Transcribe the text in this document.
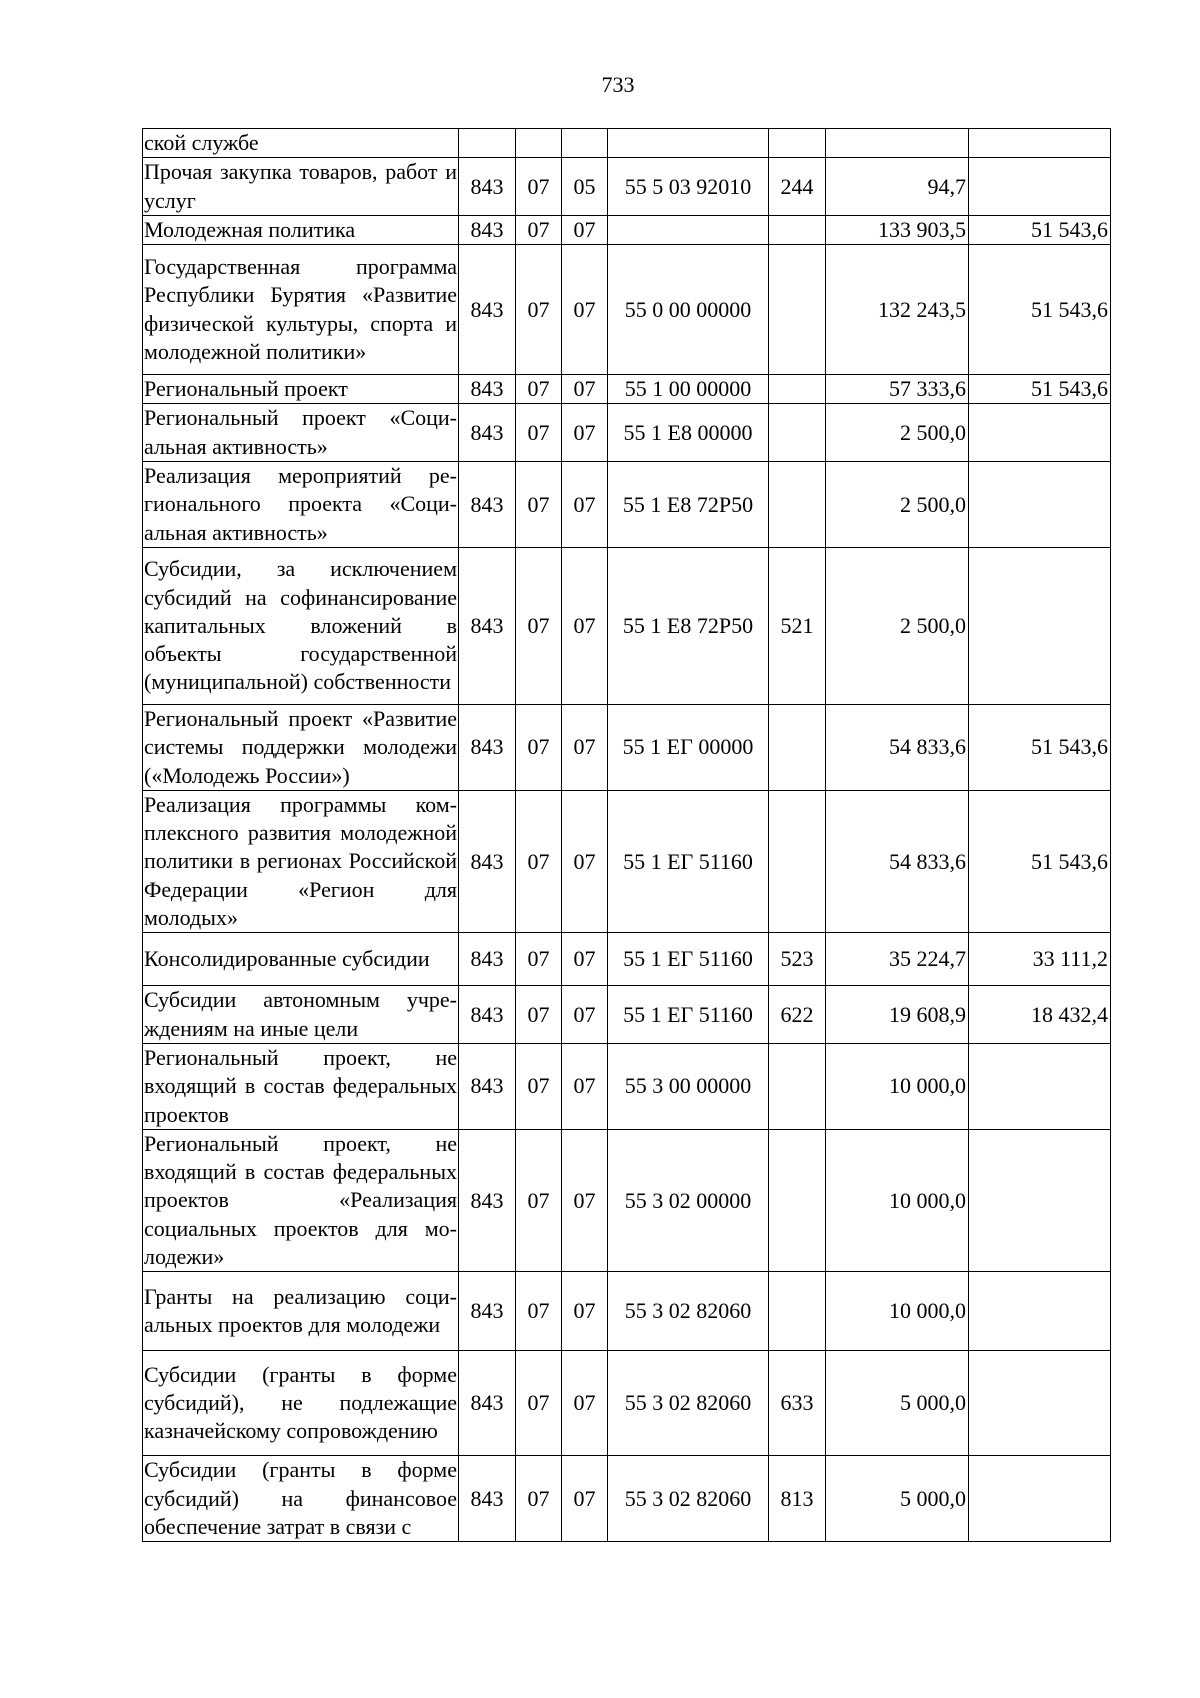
733
ской службе							
Прочая закупка товаров, работ и услуг	843	07	05	55 5 03 92010	244	94,7	
Молодежная политика	843	07	07			133 903,5	51 543,6
Государственная программа Республики Бурятия «Развитие физической культуры, спорта и молодежной политики»	843	07	07	55 0 00 00000		132 243,5	51 543,6
Региональный проект	843	07	07	55 1 00 00000		57 333,6	51 543,6
Региональный проект «Социальная активность»	843	07	07	55 1 E8 00000		2 500,0	
Реализация мероприятий регионального проекта «Социальная активность»	843	07	07	55 1 E8 72P50		2 500,0	
Субсидии, за исключением субсидий на софинансирование капитальных вложений в объекты государственной (муниципальной) собственности	843	07	07	55 1 E8 72P50	521	2 500,0	
Региональный проект «Развитие системы поддержки молодежи («Молодежь России»)	843	07	07	55 1 ЕГ 00000		54 833,6	51 543,6
Реализация программы комплексного развития молодежной политики в регионах Российской Федерации «Регион для молодых»	843	07	07	55 1 ЕГ 51160		54 833,6	51 543,6
Консолидированные субсидии	843	07	07	55 1 ЕГ 51160	523	35 224,7	33 111,2
Субсидии автономным учреждениям на иные цели	843	07	07	55 1 ЕГ 51160	622	19 608,9	18 432,4
Региональный проект, не входящий в состав федеральных проектов	843	07	07	55 3 00 00000		10 000,0	
Региональный проект, не входящий в состав федеральных проектов «Реализация социальных проектов для молодежи»	843	07	07	55 3 02 00000		10 000,0	
Гранты на реализацию социальных проектов для молодежи	843	07	07	55 3 02 82060		10 000,0	
Субсидии (гранты в форме субсидий), не подлежащие казначейскому сопровождению	843	07	07	55 3 02 82060	633	5 000,0	
Субсидии (гранты в форме субсидий) на финансовое обеспечение затрат в связи с	843	07	07	55 3 02 82060	813	5 000,0	
